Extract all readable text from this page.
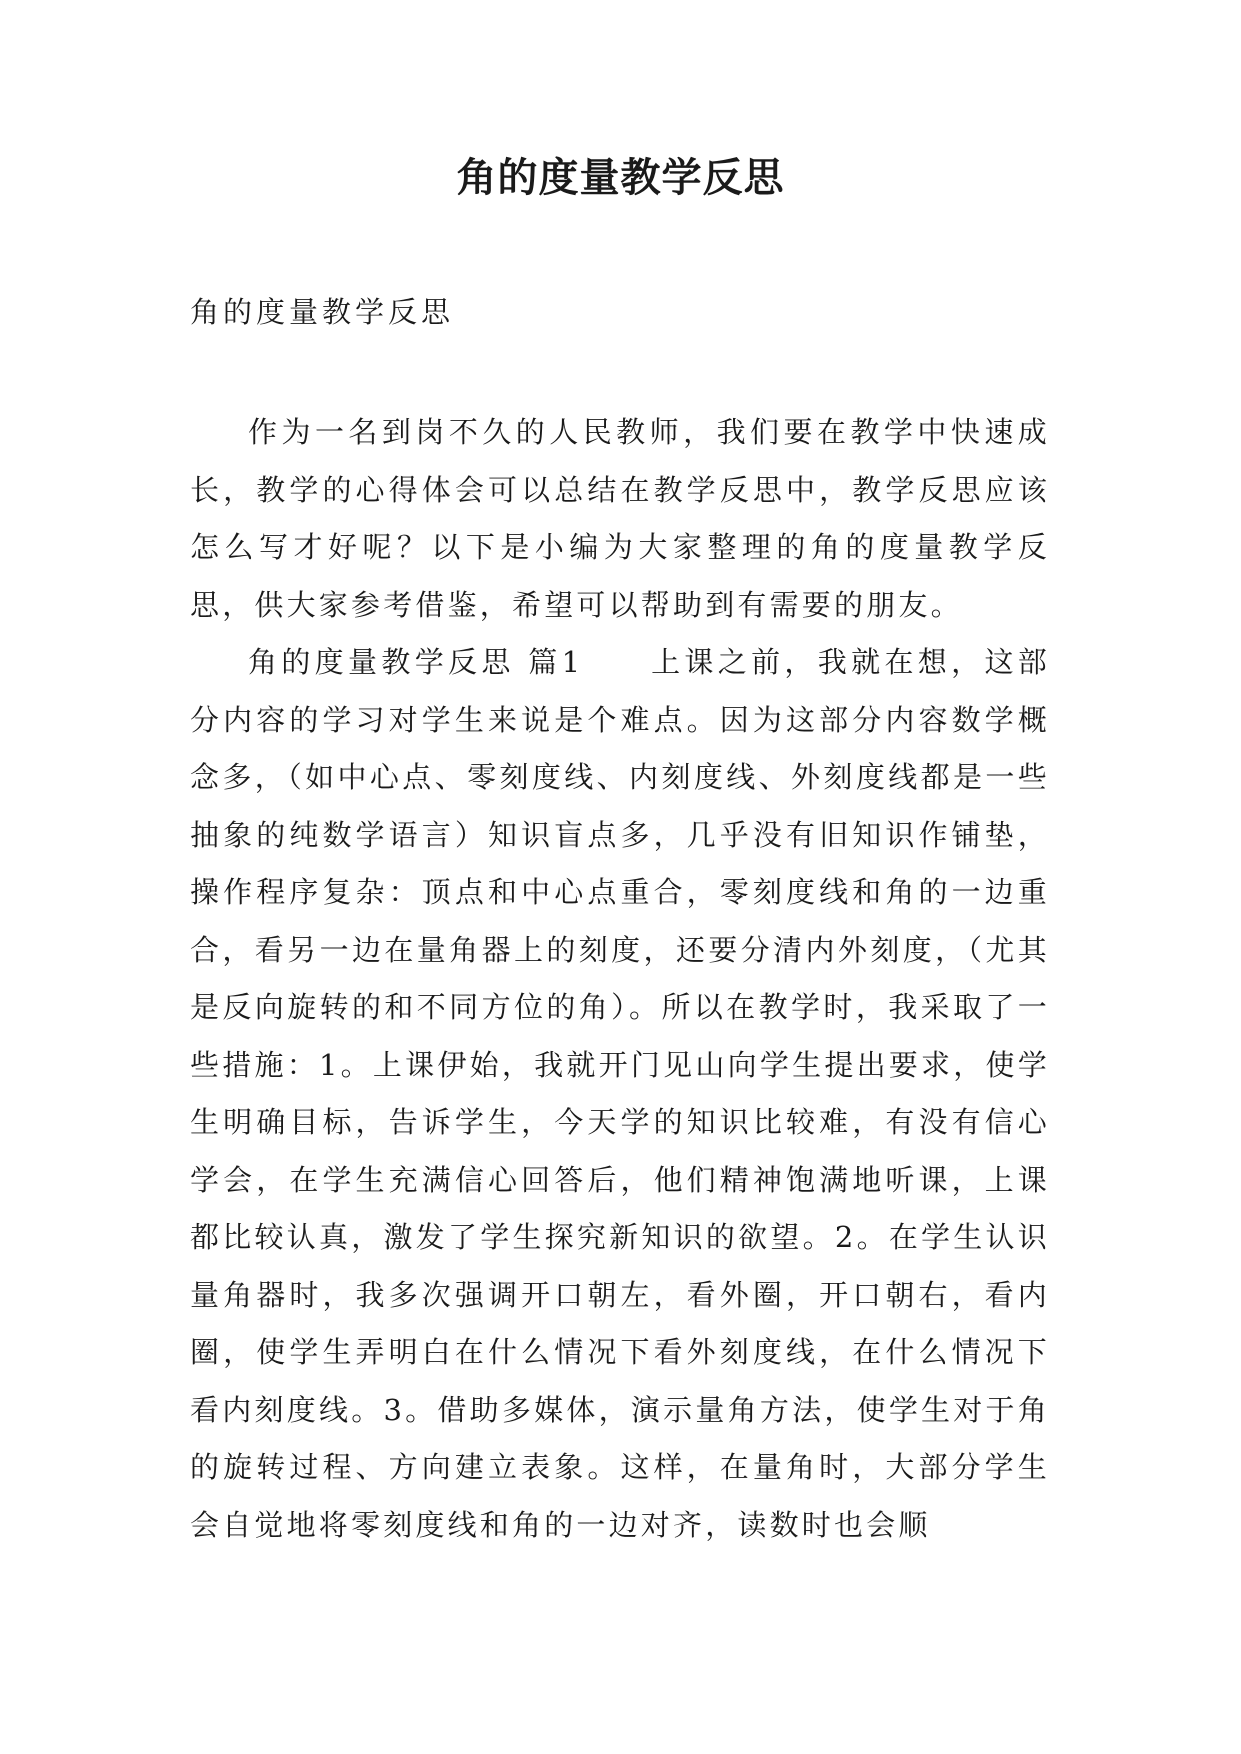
角的度量教学反思
角的度量教学反思

作为一名到岗不久的人民教师，我们要在教学中快速成长，教学的心得体会可以总结在教学反思中，教学反思应该怎么写才好呢？以下是小编为大家整理的角的度量教学反思，供大家参考借鉴，希望可以帮助到有需要的朋友。

角的度量教学反思 篇1　　上课之前，我就在想，这部分内容的学习对学生来说是个难点。因为这部分内容数学概念多，（如中心点、零刻度线、内刻度线、外刻度线都是一些抽象的纯数学语言）知识盲点多，几乎没有旧知识作铺垫，操作程序复杂：顶点和中心点重合，零刻度线和角的一边重合，看另一边在量角器上的刻度，还要分清内外刻度，（尤其是反向旋转的和不同方位的角）。所以在教学时，我采取了一些措施：1。上课伊始，我就开门见山向学生提出要求，使学生明确目标，告诉学生，今天学的知识比较难，有没有信心学会，在学生充满信心回答后，他们精神饱满地听课，上课都比较认真，激发了学生探究新知识的欲望。2。在学生认识量角器时，我多次强调开口朝左，看外圈，开口朝右，看内圈，使学生弄明白在什么情况下看外刻度线，在什么情况下看内刻度线。3。借助多媒体，演示量角方法，使学生对于角的旋转过程、方向建立表象。这样，在量角时，大部分学生会自觉地将零刻度线和角的一边对齐，读数时也会顺
